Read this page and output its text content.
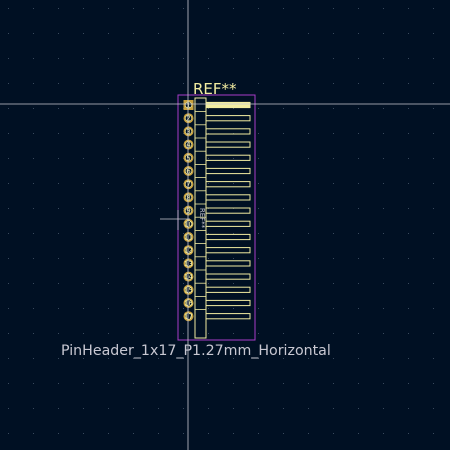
1
2
3
4
5
6
7
8
9
10
11
12
13
14
15
16
17
REF**
REF**
PinHeader_1x17_P1.27mm_Horizontal
